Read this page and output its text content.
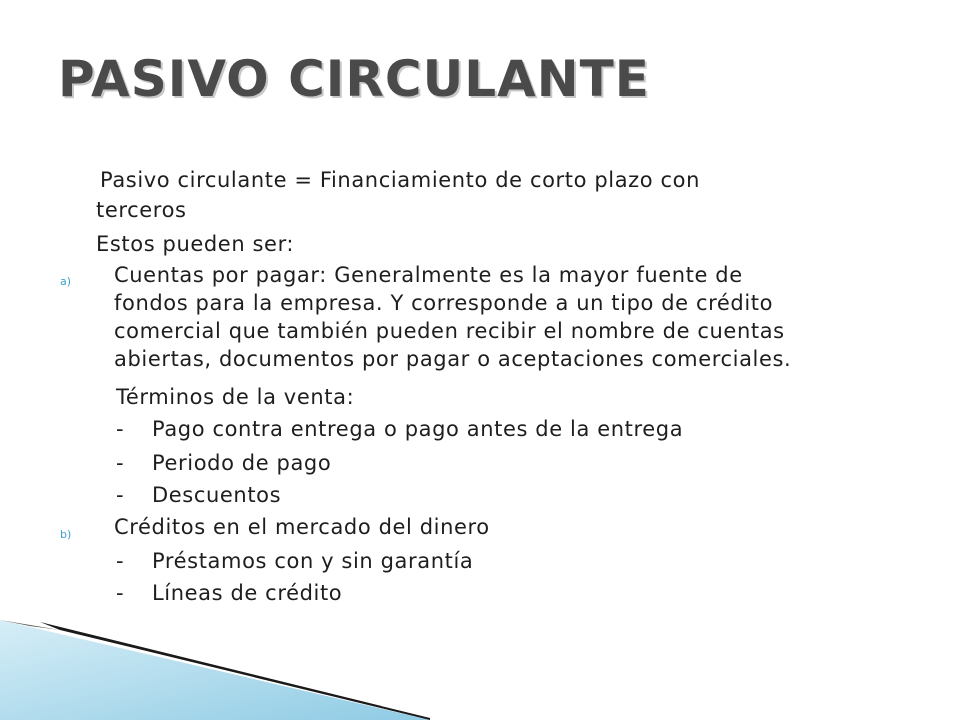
PASIVO CIRCULANTE
Pasivo circulante = Financiamiento de corto plazo con
terceros
Estos pueden ser:
a) Cuentas por pagar: Generalmente es la mayor fuente de
fondos para la empresa. Y corresponde a un tipo de crédito
comercial que también pueden recibir el nombre de cuentas
abiertas, documentos por pagar o aceptaciones comerciales.
Términos de la venta:
- Pago contra entrega o pago antes de la entrega
- Periodo de pago
- Descuentos
b) Créditos en el mercado del dinero
- Préstamos con y sin garantía
- Líneas de crédito
